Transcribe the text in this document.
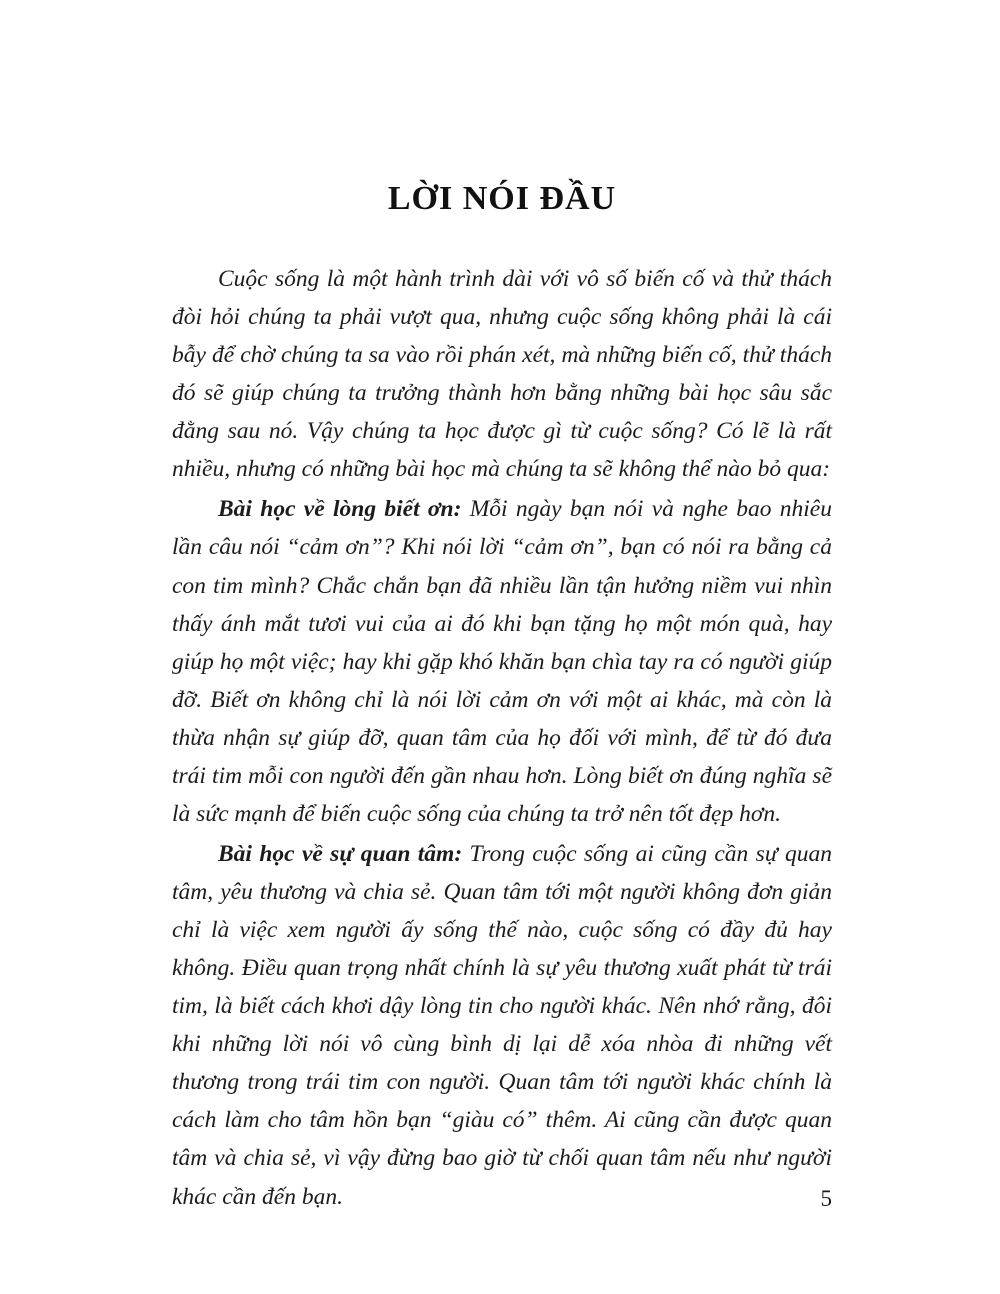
LỜI NÓI ĐẦU

Cuộc sống là một hành trình dài với vô số biến cố và thử thách đòi hỏi chúng ta phải vượt qua, nhưng cuộc sống không phải là cái bẫy để chờ chúng ta sa vào rồi phán xét, mà những biến cố, thử thách đó sẽ giúp chúng ta trưởng thành hơn bằng những bài học sâu sắc đằng sau nó. Vậy chúng ta học được gì từ cuộc sống? Có lẽ là rất nhiều, nhưng có những bài học mà chúng ta sẽ không thể nào bỏ qua:

Bài học về lòng biết ơn: Mỗi ngày bạn nói và nghe bao nhiêu lần câu nói “cảm ơn”? Khi nói lời “cảm ơn”, bạn có nói ra bằng cả con tim mình? Chắc chắn bạn đã nhiều lần tận hưởng niềm vui nhìn thấy ánh mắt tươi vui của ai đó khi bạn tặng họ một món quà, hay giúp họ một việc; hay khi gặp khó khăn bạn chìa tay ra có người giúp đỡ. Biết ơn không chỉ là nói lời cảm ơn với một ai khác, mà còn là thừa nhận sự giúp đỡ, quan tâm của họ đối với mình, để từ đó đưa trái tim mỗi con người đến gần nhau hơn. Lòng biết ơn đúng nghĩa sẽ là sức mạnh để biến cuộc sống của chúng ta trở nên tốt đẹp hơn.

Bài học về sự quan tâm: Trong cuộc sống ai cũng cần sự quan tâm, yêu thương và chia sẻ. Quan tâm tới một người không đơn giản chỉ là việc xem người ấy sống thế nào, cuộc sống có đầy đủ hay không. Điều quan trọng nhất chính là sự yêu thương xuất phát từ trái tim, là biết cách khơi dậy lòng tin cho người khác. Nên nhớ rằng, đôi khi những lời nói vô cùng bình dị lại dễ xóa nhòa đi những vết thương trong trái tim con người. Quan tâm tới người khác chính là cách làm cho tâm hồn bạn “giàu có” thêm. Ai cũng cần được quan tâm và chia sẻ, vì vậy đừng bao giờ từ chối quan tâm nếu như người khác cần đến bạn.	5
